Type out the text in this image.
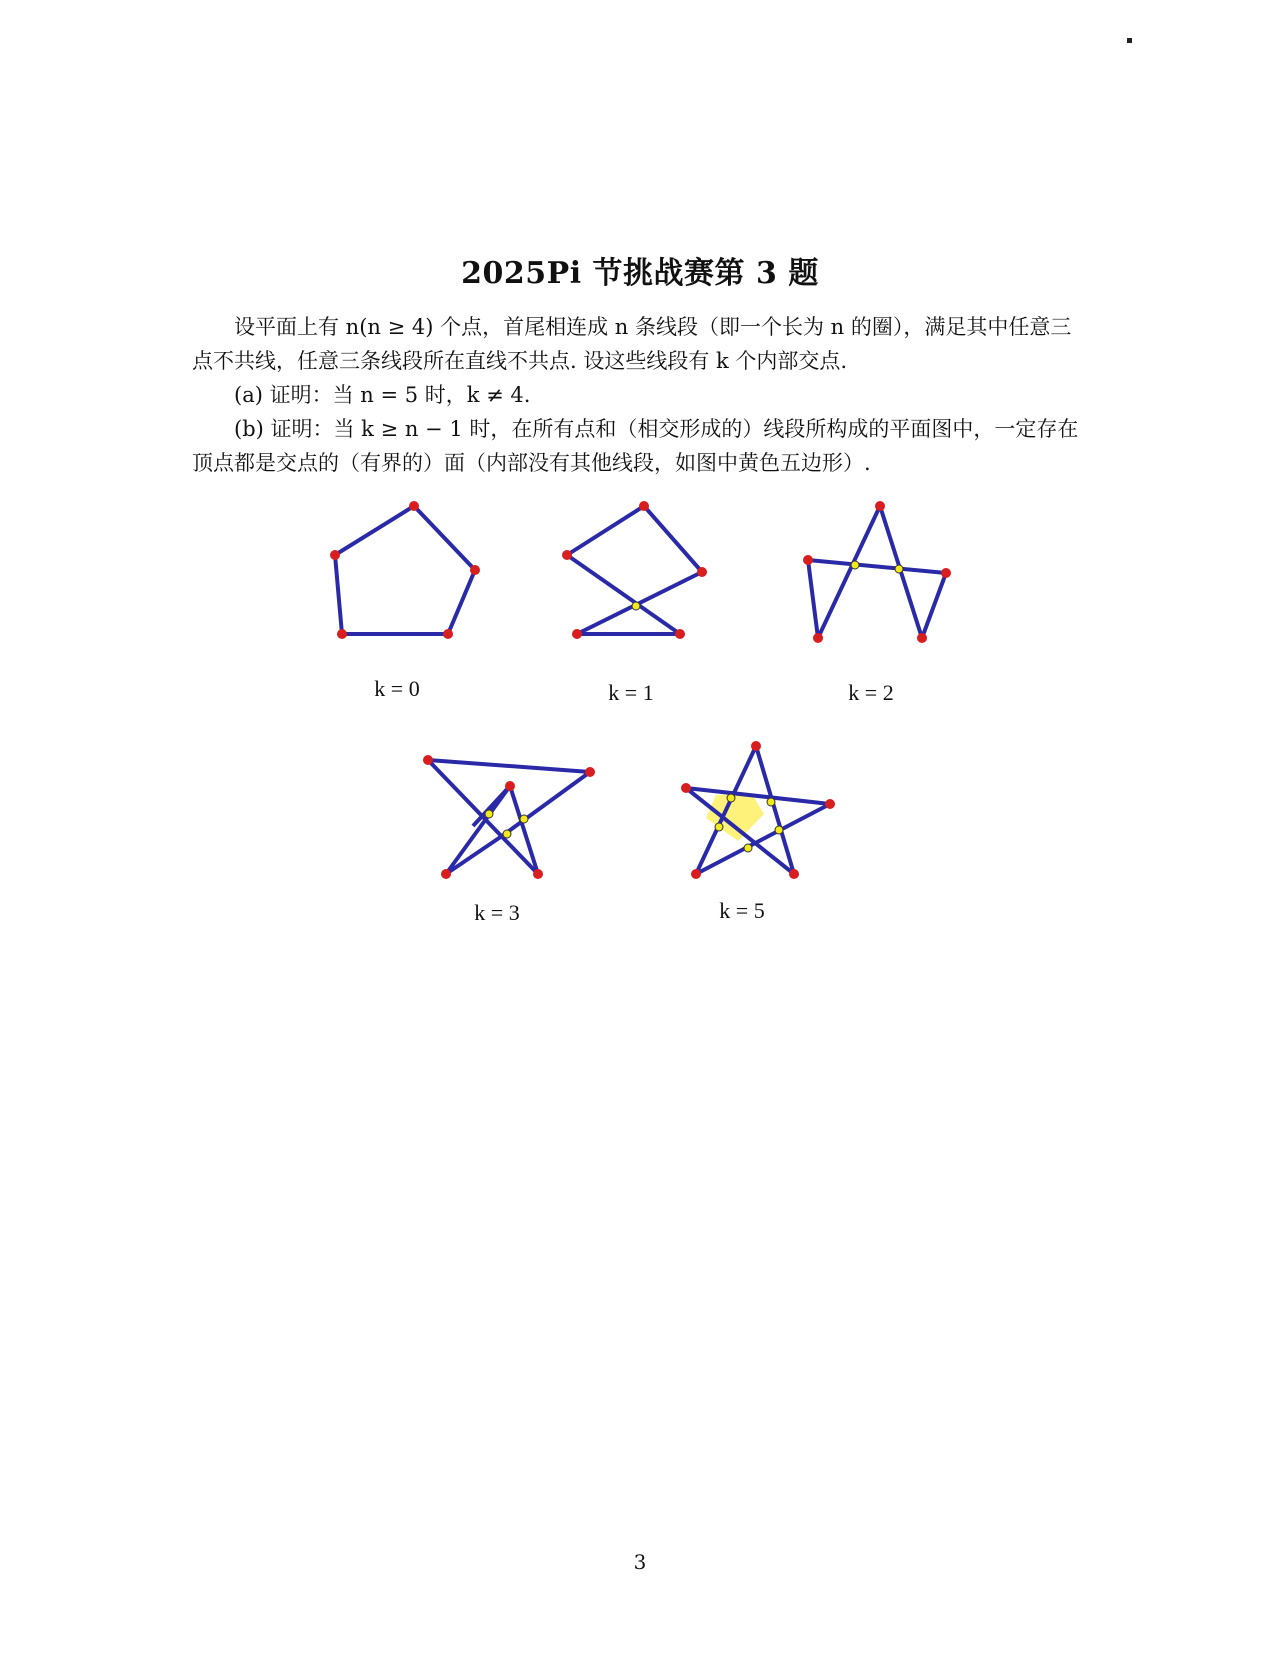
2025Pi 节挑战赛第 3 题
设平面上有 n(n ≥ 4) 个点，首尾相连成 n 条线段（即一个长为 n 的圈），满足其中任意三点不共线，任意三条线段所在直线不共点. 设这些线段有 k 个内部交点.
(a) 证明：当 n = 5 时，k ≠ 4.
(b) 证明：当 k ≥ n − 1 时，在所有点和（相交形成的）线段所构成的平面图中，一定存在顶点都是交点的（有界的）面（内部没有其他线段，如图中黄色五边形）.
k = 0	k = 1	k = 2
k = 3	k = 5
3
